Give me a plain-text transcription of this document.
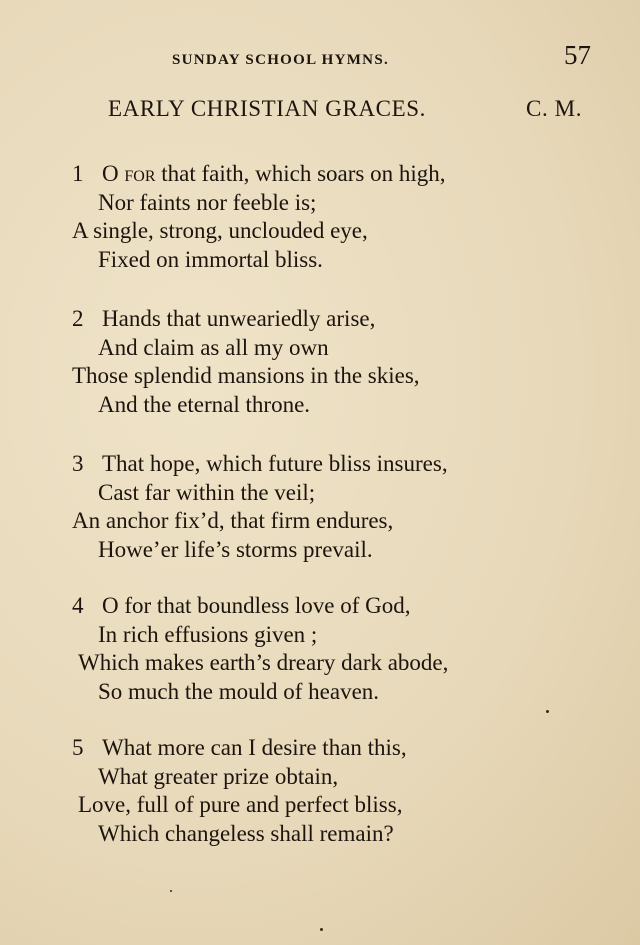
SUNDAY SCHOOL HYMNS.	57
EARLY CHRISTIAN GRACES.	C. M.
1 O for that faith, which soars on high,
Nor faints nor feeble is;
A single, strong, unclouded eye,
Fixed on immortal bliss.
2 Hands that unweariedly arise,
And claim as all my own
Those splendid mansions in the skies,
And the eternal throne.
3 That hope, which future bliss insures,
Cast far within the veil;
An anchor fix’d, that firm endures,
Howe’er life’s storms prevail.
4 O for that boundless love of God,
In rich effusions given ;
Which makes earth’s dreary dark abode,
So much the mould of heaven.
5 What more can I desire than this,
What greater prize obtain,
Love, full of pure and perfect bliss,
Which changeless shall remain?
